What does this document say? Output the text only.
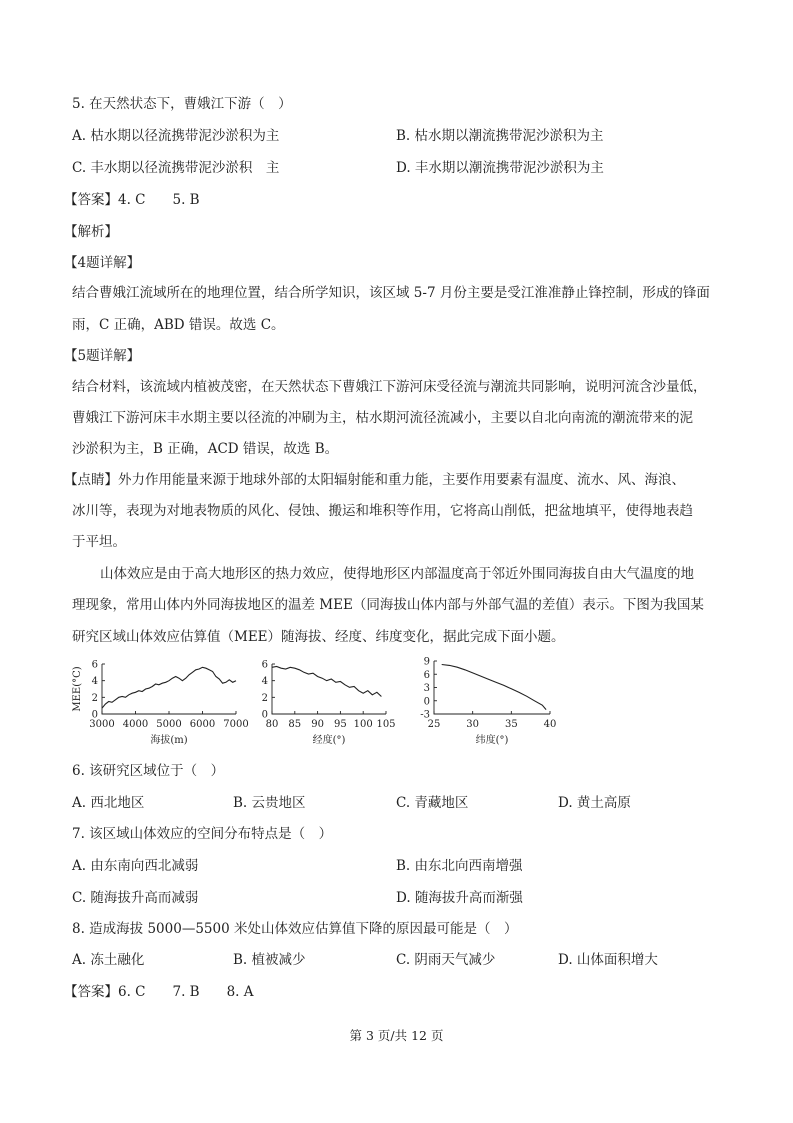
5. 在天然状态下，曹娥江下游（　）
A. 枯水期以径流携带泥沙淤积为主	B. 枯水期以潮流携带泥沙淤积为主
C. 丰水期以径流携带泥沙淤积　主	D. 丰水期以潮流携带泥沙淤积为主
【答案】4. C　　5. B
【解析】
【4题详解】
结合曹娥江流域所在的地理位置，结合所学知识，该区域 5-7 月份主要是受江淮准静止锋控制，形成的锋面
雨，C 正确，ABD 错误。故选 C。
【5题详解】
结合材料，该流域内植被茂密，在天然状态下曹娥江下游河床受径流与潮流共同影响，说明河流含沙量低，
曹娥江下游河床丰水期主要以径流的冲刷为主，枯水期河流径流减小，主要以自北向南流的潮流带来的泥
沙淤积为主，B 正确，ACD 错误，故选 B。
【点睛】外力作用能量来源于地球外部的太阳辐射能和重力能，主要作用要素有温度、流水、风、海浪、
冰川等，表现为对地表物质的风化、侵蚀、搬运和堆积等作用，它将高山削低，把盆地填平，使得地表趋
于平坦。
山体效应是由于高大地形区的热力效应，使得地形区内部温度高于邻近外围同海拔自由大气温度的地
理现象，常用山体内外同海拔地区的温差 MEE（同海拔山体内部与外部气温的差值）表示。下图为我国某
研究区域山体效应估算值（MEE）随海拔、经度、纬度变化，据此完成下面小题。
3000 4000 5000 6000 7000
0
2
4
6
海拔(m)
MEE(°C)
80 85 90 95 100 105
0
2
4
6
经度(°)
25	30	35	40
-3
0
3
6
9
纬度(°)
6. 该研究区域位于（　）
A. 西北地区	B. 云贵地区	C. 青藏地区	D. 黄土高原
7. 该区域山体效应的空间分布特点是（　）
A. 由东南向西北减弱	B. 由东北向西南增强
C. 随海拔升高而减弱	D. 随海拔升高而渐强
8. 造成海拔 5000—5500 米处山体效应估算值下降的原因最可能是（　）
A. 冻土融化	B. 植被减少	C. 阴雨天气减少	D. 山体面积增大
【答案】6. C　　7. B　　8. A
第 3 页/共 12 页
